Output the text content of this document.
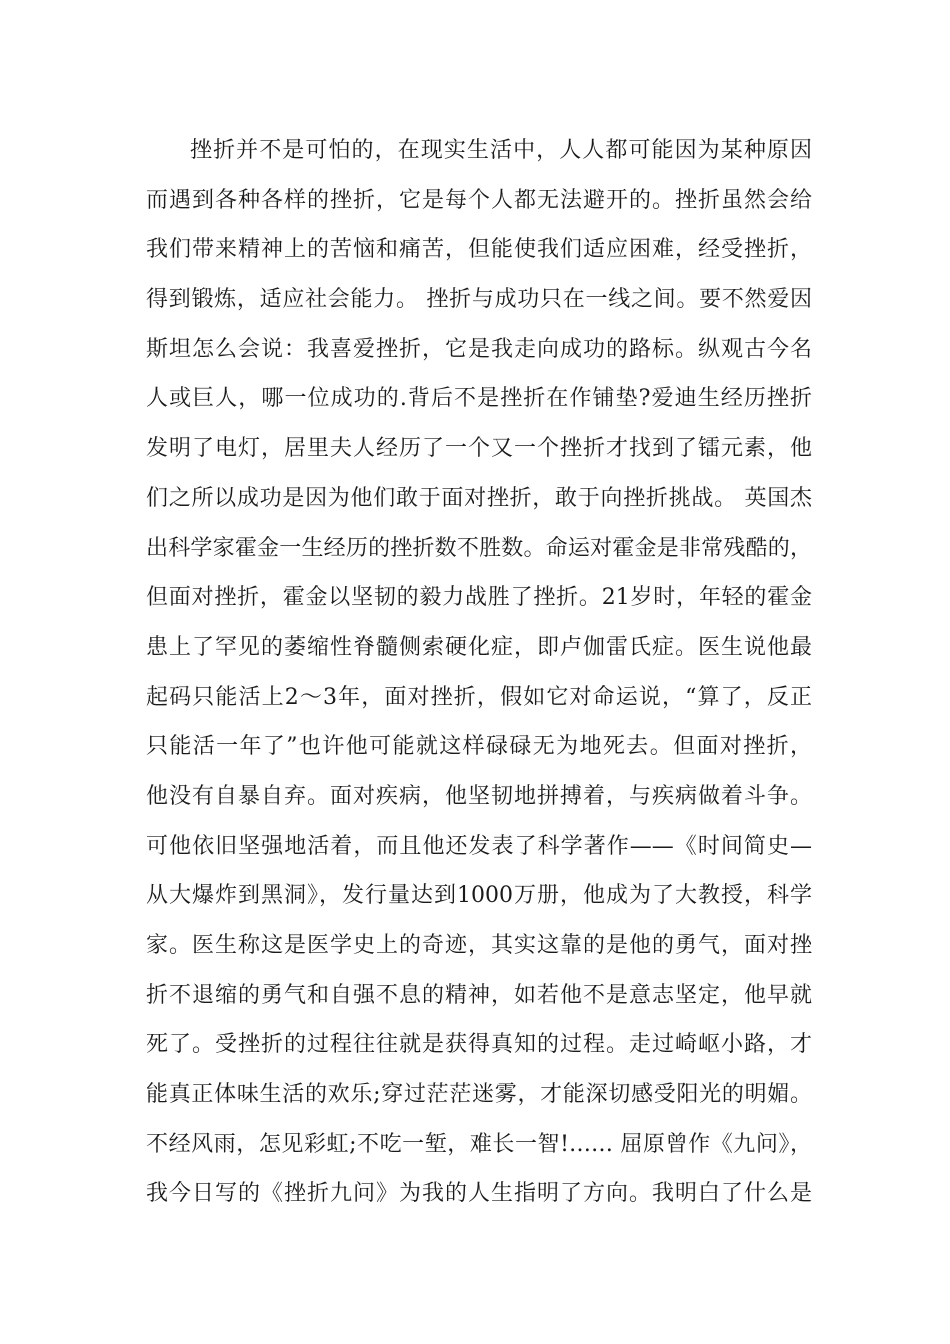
挫折并不是可怕的，在现实生活中，人人都可能因为某种原因
而遇到各种各样的挫折，它是每个人都无法避开的。挫折虽然会给
我们带来精神上的苦恼和痛苦，但能使我们适应困难，经受挫折，
得到锻炼，适应社会能力。 挫折与成功只在一线之间。要不然爱因
斯坦怎么会说：我喜爱挫折，它是我走向成功的路标。纵观古今名
人或巨人，哪一位成功的.背后不是挫折在作铺垫?爱迪生经历挫折
发明了电灯，居里夫人经历了一个又一个挫折才找到了镭元素，他
们之所以成功是因为他们敢于面对挫折，敢于向挫折挑战。 英国杰
出科学家霍金一生经历的挫折数不胜数。命运对霍金是非常残酷的，
但面对挫折，霍金以坚韧的毅力战胜了挫折。21岁时，年轻的霍金
患上了罕见的萎缩性脊髓侧索硬化症，即卢伽雷氏症。医生说他最
起码只能活上2～3年，面对挫折，假如它对命运说，“算了，反正
只能活一年了”也许他可能就这样碌碌无为地死去。但面对挫折，
他没有自暴自弃。面对疾病，他坚韧地拼搏着，与疾病做着斗争。
可他依旧坚强地活着，而且他还发表了科学著作——《时间简史—
从大爆炸到黑洞》，发行量达到1000万册，他成为了大教授，科学
家。医生称这是医学史上的奇迹，其实这靠的是他的勇气，面对挫
折不退缩的勇气和自强不息的精神，如若他不是意志坚定，他早就
死了。受挫折的过程往往就是获得真知的过程。走过崎岖小路，才
能真正体味生活的欢乐;穿过茫茫迷雾，才能深切感受阳光的明媚。
不经风雨，怎见彩虹;不吃一堑，难长一智!…… 屈原曾作《九问》，
我今日写的《挫折九问》为我的人生指明了方向。我明白了什么是
